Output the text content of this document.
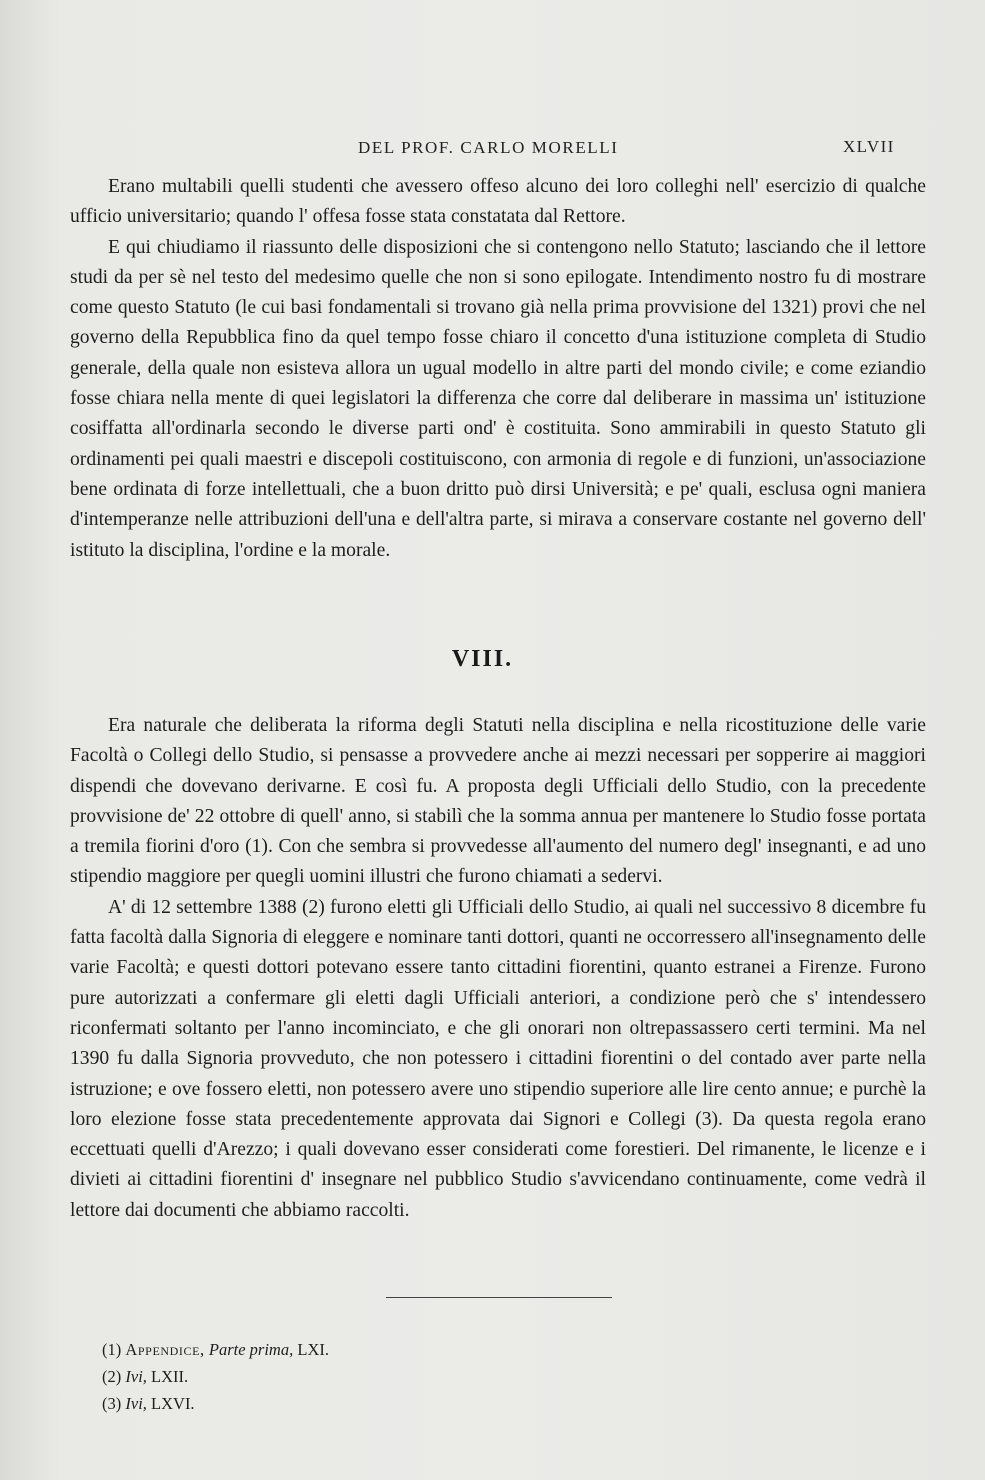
DEL PROF. CARLO MORELLI	XLVII

Erano multabili quelli studenti che avessero offeso alcuno dei loro colleghi nell' esercizio di qualche ufficio universitario; quando l' offesa fosse stata constatata dal Rettore.

E qui chiudiamo il riassunto delle disposizioni che si contengono nello Statuto; lasciando che il lettore studi da per sè nel testo del medesimo quelle che non si sono epilogate. Intendimento nostro fu di mostrare come questo Statuto (le cui basi fondamentali si trovano già nella prima provvisione del 1321) provi che nel governo della Repubblica fino da quel tempo fosse chiaro il concetto d'una istituzione completa di Studio generale, della quale non esisteva allora un ugual modello in altre parti del mondo civile; e come eziandio fosse chiara nella mente di quei legislatori la differenza che corre dal deliberare in massima un' istituzione cosiffatta all'ordinarla secondo le diverse parti ond' è costituita. Sono ammirabili in questo Statuto gli ordinamenti pei quali maestri e discepoli costituiscono, con armonia di regole e di funzioni, un'associazione bene ordinata di forze intellettuali, che a buon dritto può dirsi Università; e pe' quali, esclusa ogni maniera d'intemperanze nelle attribuzioni dell'una e dell'altra parte, si mirava a conservare costante nel governo dell' istituto la disciplina, l'ordine e la morale.

VIII.

Era naturale che deliberata la riforma degli Statuti nella disciplina e nella ricostituzione delle varie Facoltà o Collegi dello Studio, si pensasse a provvedere anche ai mezzi necessari per sopperire ai maggiori dispendi che dovevano derivarne. E così fu. A proposta degli Ufficiali dello Studio, con la precedente provvisione de' 22 ottobre di quell' anno, si stabilì che la somma annua per mantenere lo Studio fosse portata a tremila fiorini d'oro (1). Con che sembra si provvedesse all'aumento del numero degl' insegnanti, e ad uno stipendio maggiore per quegli uomini illustri che furono chiamati a sedervi.

A' di 12 settembre 1388 (2) furono eletti gli Ufficiali dello Studio, ai quali nel successivo 8 dicembre fu fatta facoltà dalla Signoria di eleggere e nominare tanti dottori, quanti ne occorressero all'insegnamento delle varie Facoltà; e questi dottori potevano essere tanto cittadini fiorentini, quanto estranei a Firenze. Furono pure autorizzati a confermare gli eletti dagli Ufficiali anteriori, a condizione però che s' intendessero riconfermati soltanto per l'anno incominciato, e che gli onorari non oltrepassassero certi termini. Ma nel 1390 fu dalla Signoria provveduto, che non potessero i cittadini fiorentini o del contado aver parte nella istruzione; e ove fossero eletti, non potessero avere uno stipendio superiore alle lire cento annue; e purchè la loro elezione fosse stata precedentemente approvata dai Signori e Collegi (3). Da questa regola erano eccettuati quelli d'Arezzo; i quali dovevano esser considerati come forestieri. Del rimanente, le licenze e i divieti ai cittadini fiorentini d' insegnare nel pubblico Studio s'avvicendano continuamente, come vedrà il lettore dai documenti che abbiamo raccolti.

(1) Appendice, Parte prima, LXI.
(2) Ivi, LXII.
(3) Ivi, LXVI.
